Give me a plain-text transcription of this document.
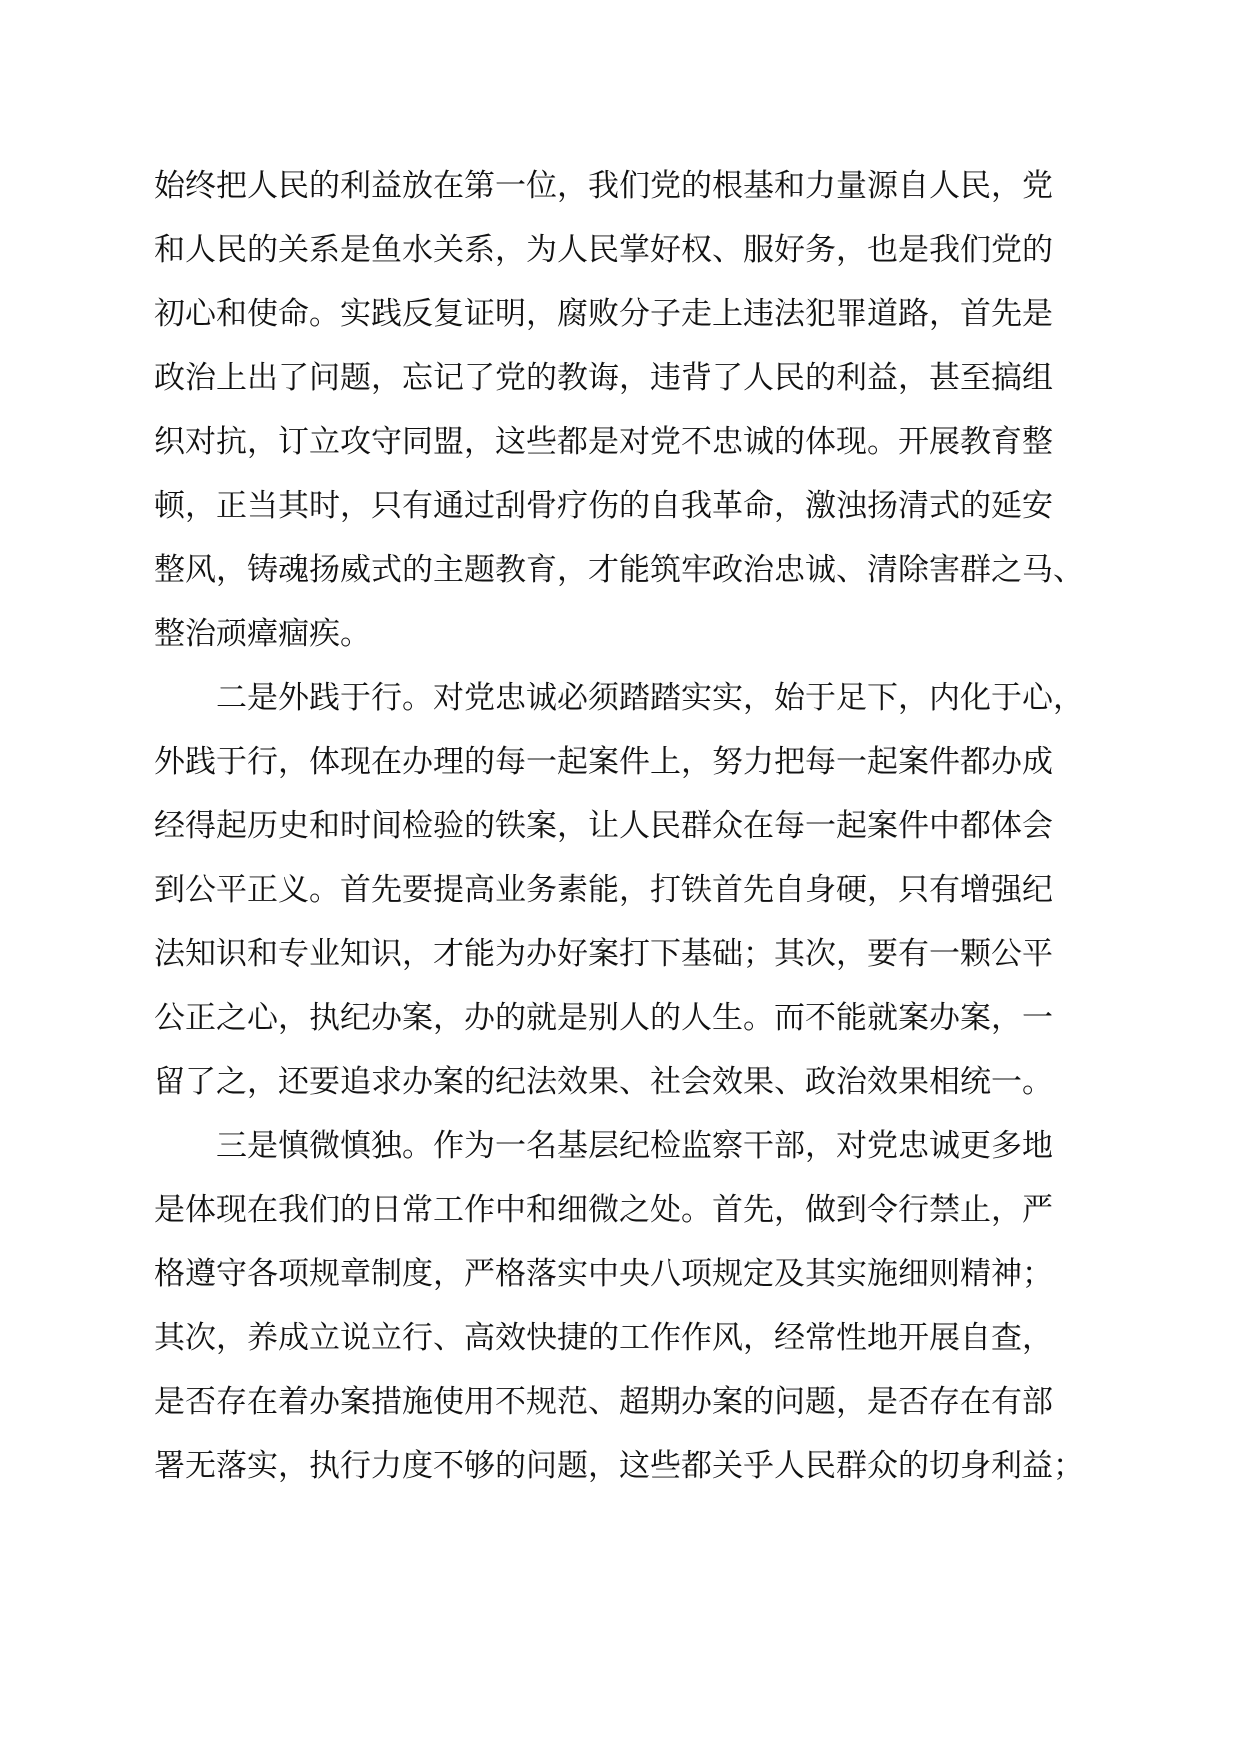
始终把人民的利益放在第一位，我们党的根基和力量源自人民，党

和人民的关系是鱼水关系，为人民掌好权、服好务，也是我们党的

初心和使命。实践反复证明，腐败分子走上违法犯罪道路，首先是

政治上出了问题，忘记了党的教诲，违背了人民的利益，甚至搞组

织对抗，订立攻守同盟，这些都是对党不忠诚的体现。开展教育整

顿，正当其时，只有通过刮骨疗伤的自我革命，激浊扬清式的延安

整风，铸魂扬威式的主题教育，才能筑牢政治忠诚、清除害群之马、

整治顽瘴痼疾。

二是外践于行。对党忠诚必须踏踏实实，始于足下，内化于心，

外践于行，体现在办理的每一起案件上，努力把每一起案件都办成

经得起历史和时间检验的铁案，让人民群众在每一起案件中都体会

到公平正义。首先要提高业务素能，打铁首先自身硬，只有增强纪

法知识和专业知识，才能为办好案打下基础；其次，要有一颗公平

公正之心，执纪办案，办的就是别人的人生。而不能就案办案，一

留了之，还要追求办案的纪法效果、社会效果、政治效果相统一。

三是慎微慎独。作为一名基层纪检监察干部，对党忠诚更多地

是体现在我们的日常工作中和细微之处。首先，做到令行禁止，严

格遵守各项规章制度，严格落实中央八项规定及其实施细则精神；

其次，养成立说立行、高效快捷的工作作风，经常性地开展自查，

是否存在着办案措施使用不规范、超期办案的问题，是否存在有部

署无落实，执行力度不够的问题，这些都关乎人民群众的切身利益；
